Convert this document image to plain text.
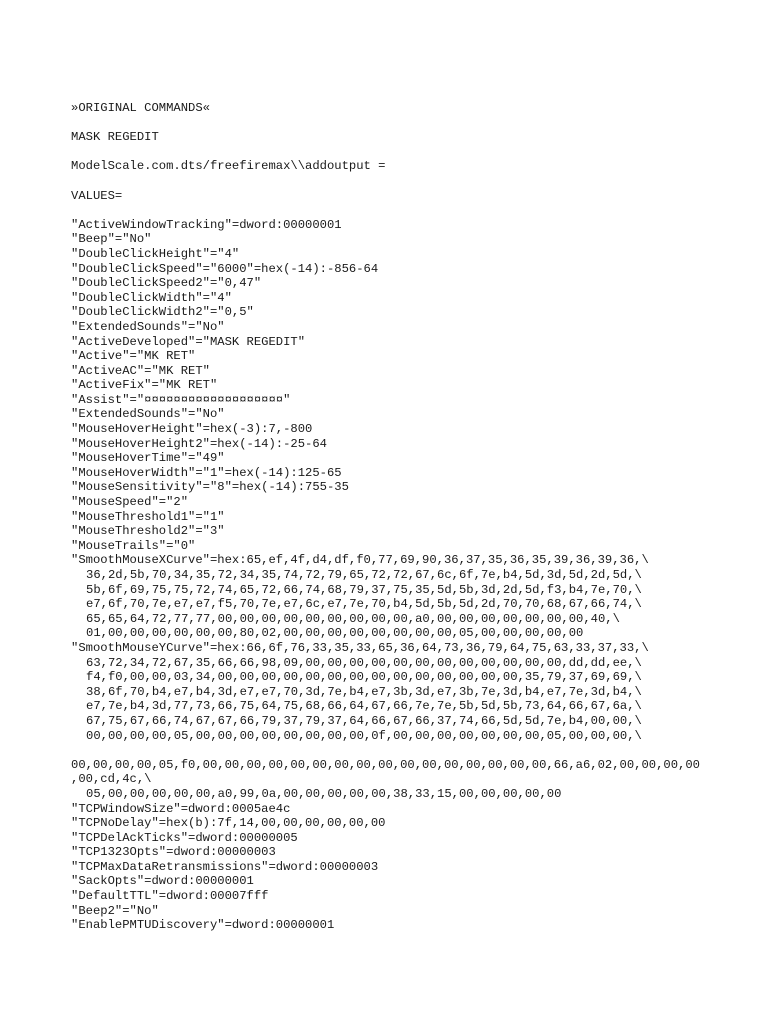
»ORIGINAL COMMANDS«
MASK REGEDIT
ModelScale.com.dts/freefiremax\\addoutput =
VALUES=
"ActiveWindowTracking"=dword:00000001
"Beep"="No"
"DoubleClickHeight"="4"
"DoubleClickSpeed"="6000"=hex(-14):-856-64
"DoubleClickSpeed2"="0,47"
"DoubleClickWidth"="4"
"DoubleClickWidth2"="0,5"
"ExtendedSounds"="No"
"ActiveDeveloped"="MASK REGEDIT"
"Active"="MK RET"
"ActiveAC"="MK RET"
"ActiveFix"="MK RET"
"Assist"="¤¤¤¤¤¤¤¤¤¤¤¤¤¤¤¤¤¤¤"
"ExtendedSounds"="No"
"MouseHoverHeight"=hex(-3):7,-800
"MouseHoverHeight2"=hex(-14):-25-64
"MouseHoverTime"="49"
"MouseHoverWidth"="1"=hex(-14):125-65
"MouseSensitivity"="8"=hex(-14):755-35
"MouseSpeed"="2"
"MouseThreshold1"="1"
"MouseThreshold2"="3"
"MouseTrails"="0"
"SmoothMouseXCurve"=hex:65,ef,4f,d4,df,f0,77,69,90,36,37,35,36,35,39,36,39,36,\
36,2d,5b,70,34,35,72,34,35,74,72,79,65,72,72,67,6c,6f,7e,b4,5d,3d,5d,2d,5d,\
5b,6f,69,75,75,72,74,65,72,66,74,68,79,37,75,35,5d,5b,3d,2d,5d,f3,b4,7e,70,\
e7,6f,70,7e,e7,e7,f5,70,7e,e7,6c,e7,7e,70,b4,5d,5b,5d,2d,70,70,68,67,66,74,\
65,65,64,72,77,77,00,00,00,00,00,00,00,00,00,a0,00,00,00,00,00,00,00,40,\
01,00,00,00,00,00,00,80,02,00,00,00,00,00,00,00,00,05,00,00,00,00,00
"SmoothMouseYCurve"=hex:66,6f,76,33,35,33,65,36,64,73,36,79,64,75,63,33,37,33,\
63,72,34,72,67,35,66,66,98,09,00,00,00,00,00,00,00,00,00,00,00,00,dd,dd,ee,\
f4,f0,00,00,03,34,00,00,00,00,00,00,00,00,00,00,00,00,00,00,35,79,37,69,69,\
38,6f,70,b4,e7,b4,3d,e7,e7,70,3d,7e,b4,e7,3b,3d,e7,3b,7e,3d,b4,e7,7e,3d,b4,\
e7,7e,b4,3d,77,73,66,75,64,75,68,66,64,67,66,7e,7e,5b,5d,5b,73,64,66,67,6a,\
67,75,67,66,74,67,67,66,79,37,79,37,64,66,67,66,37,74,66,5d,5d,7e,b4,00,00,\
00,00,00,00,05,00,00,00,00,00,00,00,00,0f,00,00,00,00,00,00,00,05,00,00,00,\
00,00,00,00,05,f0,00,00,00,00,00,00,00,00,00,00,00,00,00,00,00,00,66,a6,02,00,00,00,00
,00,cd,4c,\
05,00,00,00,00,00,a0,99,0a,00,00,00,00,00,38,33,15,00,00,00,00,00
"TCPWindowSize"=dword:0005ae4c
"TCPNoDelay"=hex(b):7f,14,00,00,00,00,00,00
"TCPDelAckTicks"=dword:00000005
"TCP1323Opts"=dword:00000003
"TCPMaxDataRetransmissions"=dword:00000003
"SackOpts"=dword:00000001
"DefaultTTL"=dword:00007fff
"Beep2"="No"
"EnablePMTUDiscovery"=dword:00000001
